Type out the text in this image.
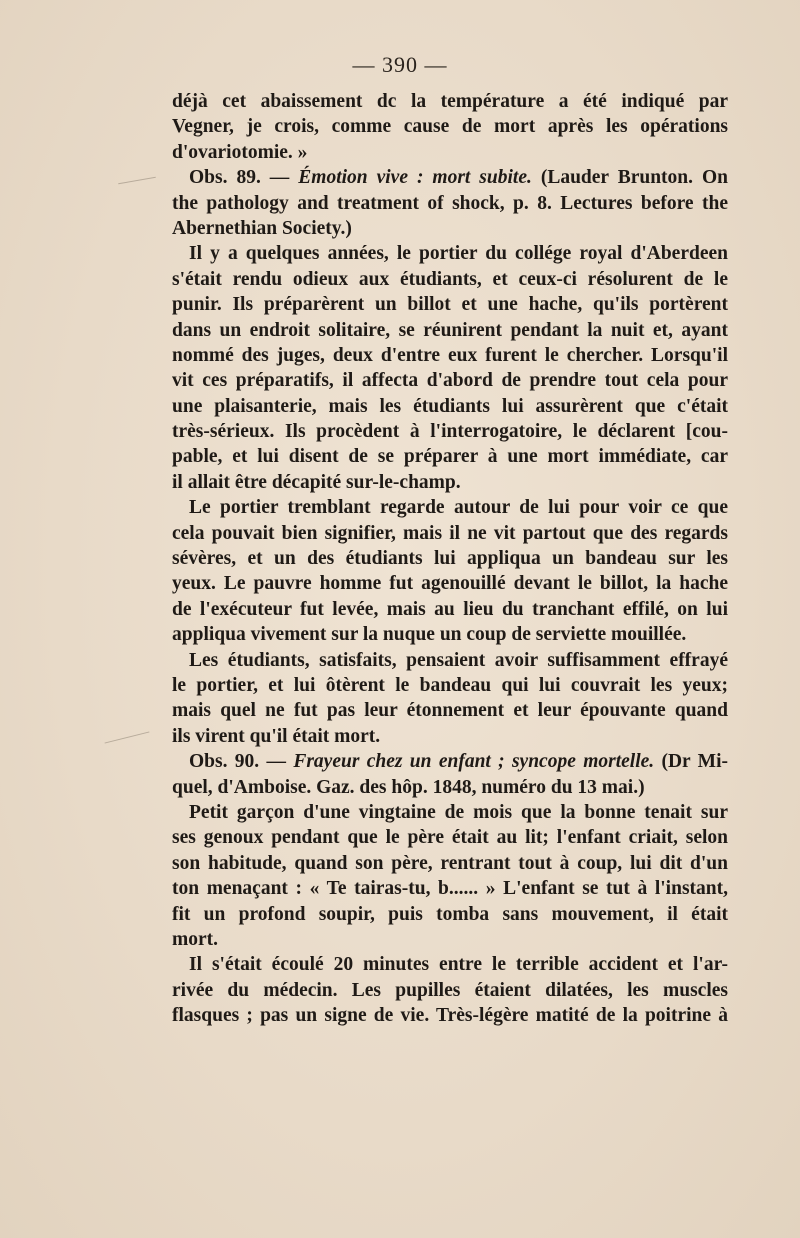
— 390 —
déjà cet abaissement dc la température a été indiqué par
Vegner, je crois, comme cause de mort après les opérations
d'ovariotomie. »
Obs. 89. — Émotion vive : mort subite. (Lauder Brunton. On
the pathology and treatment of shock, p. 8. Lectures before the
Abernethian Society.)
Il y a quelques années, le portier du collége royal d'Aberdeen
s'était rendu odieux aux étudiants, et ceux-ci résolurent de le
punir. Ils préparèrent un billot et une hache, qu'ils portèrent
dans un endroit solitaire, se réunirent pendant la nuit et, ayant
nommé des juges, deux d'entre eux furent le chercher. Lorsqu'il
vit ces préparatifs, il affecta d'abord de prendre tout cela pour
une plaisanterie, mais les étudiants lui assurèrent que c'était
très-sérieux. Ils procèdent à l'interrogatoire, le déclarent [cou-
pable, et lui disent de se préparer à une mort immédiate, car
il allait être décapité sur-le-champ.
Le portier tremblant regarde autour de lui pour voir ce que
cela pouvait bien signifier, mais il ne vit partout que des regards
sévères, et un des étudiants lui appliqua un bandeau sur les
yeux. Le pauvre homme fut agenouillé devant le billot, la hache
de l'exécuteur fut levée, mais au lieu du tranchant effilé, on lui
appliqua vivement sur la nuque un coup de serviette mouillée.
Les étudiants, satisfaits, pensaient avoir suffisamment effrayé
le portier, et lui ôtèrent le bandeau qui lui couvrait les yeux;
mais quel ne fut pas leur étonnement et leur épouvante quand
ils virent qu'il était mort.
Obs. 90. — Frayeur chez un enfant ; syncope mortelle. (Dr Mi-
quel, d'Amboise. Gaz. des hôp. 1848, numéro du 13 mai.)
Petit garçon d'une vingtaine de mois que la bonne tenait sur
ses genoux pendant que le père était au lit; l'enfant criait, selon
son habitude, quand son père, rentrant tout à coup, lui dit d'un
ton menaçant : « Te tairas-tu, b...... » L'enfant se tut à l'instant,
fit un profond soupir, puis tomba sans mouvement, il était
mort.
Il s'était écoulé 20 minutes entre le terrible accident et l'ar-
rivée du médecin. Les pupilles étaient dilatées, les muscles
flasques ; pas un signe de vie. Très-légère matité de la poitrine à
